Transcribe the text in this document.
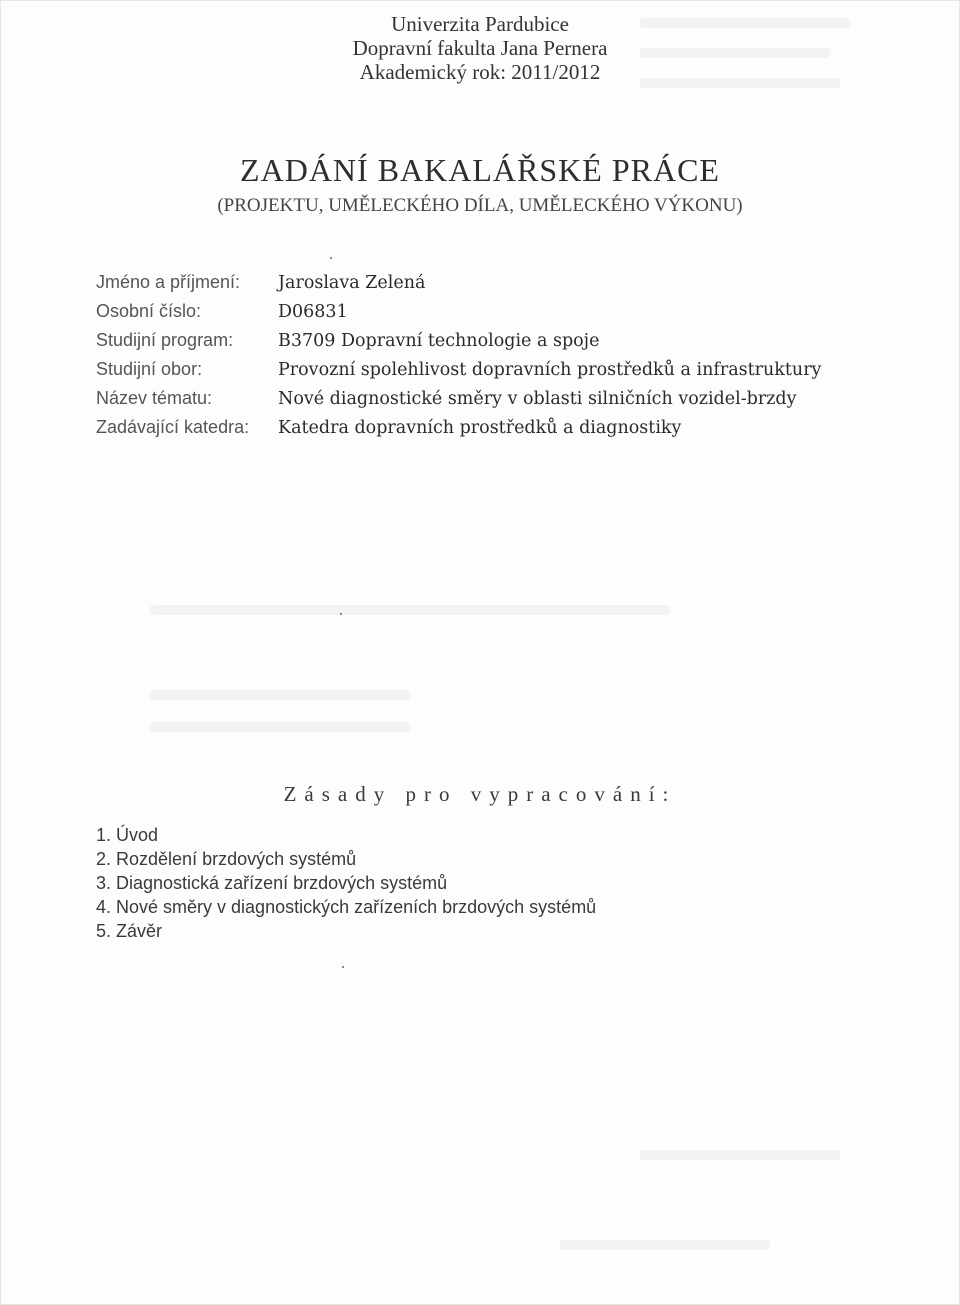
Univerzita Pardubice
Dopravní fakulta Jana Pernera
Akademický rok: 2011/2012
ZADÁNÍ BAKALÁŘSKÉ PRÁCE
(PROJEKTU, UMĚLECKÉHO DÍLA, UMĚLECKÉHO VÝKONU)
Jméno a příjmení:	Jaroslava Zelená
Osobní číslo:	D06831
Studijní program:	B3709 Dopravní technologie a spoje
Studijní obor:	Provozní spolehlivost dopravních prostředků a infrastruktury
Název tématu:	Nové diagnostické směry v oblasti silničních vozidel-brzdy
Zadávající katedra:	Katedra dopravních prostředků a diagnostiky
Zásady pro vypracování:
1. Úvod
2. Rozdělení brzdových systémů
3. Diagnostická zařízení brzdových systémů
4. Nové směry v diagnostických zařízeních brzdových systémů
5. Závěr
